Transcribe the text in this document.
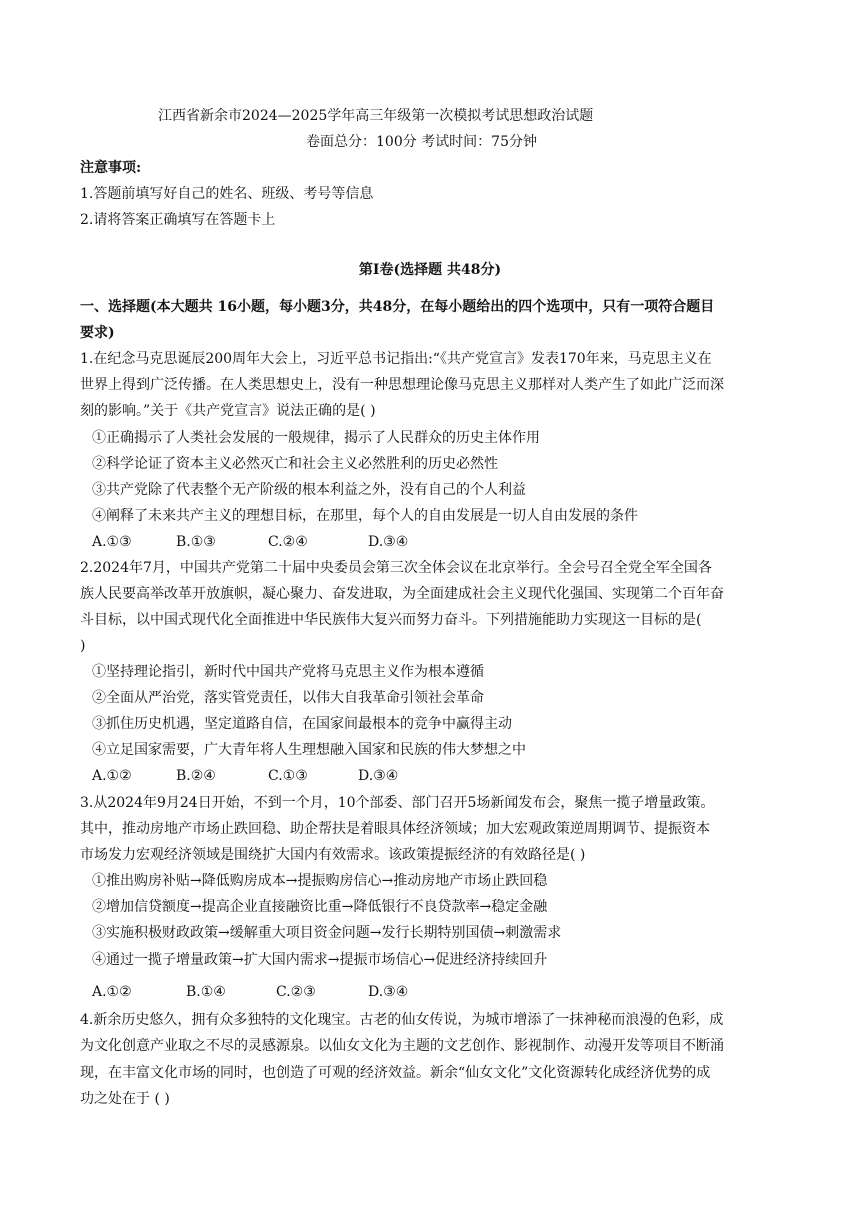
江西省新余市2024—2025学年高三年级第一次模拟考试思想政治试题
卷面总分：100分 考试时间：75分钟
注意事项:
1.答题前填写好自己的姓名、班级、考号等信息
2.请将答案正确填写在答题卡上
第Ⅰ卷(选择题 共48分)
一、选择题(本大题共 16小题，每小题3分，共48分，在每小题给出的四个选项中，只有一项符合题目
要求)
1.在纪念马克思诞辰200周年大会上，习近平总书记指出:“《共产党宣言》发表170年来，马克思主义在
世界上得到广泛传播。在人类思想史上，没有一种思想理论像马克思主义那样对人类产生了如此广泛而深
刻的影响。”关于《共产党宣言》说法正确的是( )
①正确揭示了人类社会发展的一般规律，揭示了人民群众的历史主体作用
②科学论证了资本主义必然灭亡和社会主义必然胜利的历史必然性
③共产党除了代表整个无产阶级的根本利益之外，没有自己的个人利益
④阐释了未来共产主义的理想目标，在那里，每个人的自由发展是一切人自由发展的条件
A.①③	B.①③	C.②④	D.③④
2.2024年7月，中国共产党第二十届中央委员会第三次全体会议在北京举行。全会号召全党全军全国各
族人民要高举改革开放旗帜，凝心聚力、奋发进取，为全面建成社会主义现代化强国、实现第二个百年奋
斗目标，以中国式现代化全面推进中华民族伟大复兴而努力奋斗。下列措施能助力实现这一目标的是(
)
①坚持理论指引，新时代中国共产党将马克思主义作为根本遵循
②全面从严治党，落实管党责任，以伟大自我革命引领社会革命
③抓住历史机遇，坚定道路自信，在国家间最根本的竞争中赢得主动
④立足国家需要，广大青年将人生理想融入国家和民族的伟大梦想之中
A.①②	B.②④	C.①③	D.③④
3.从2024年9月24日开始，不到一个月，10个部委、部门召开5场新闻发布会，聚焦一揽子增量政策。
其中，推动房地产市场止跌回稳、助企帮扶是着眼具体经济领域；加大宏观政策逆周期调节、提振资本
市场发力宏观经济领域是围绕扩大国内有效需求。该政策提振经济的有效路径是( )
①推出购房补贴→降低购房成本→提振购房信心→推动房地产市场止跌回稳
②增加信贷额度→提高企业直接融资比重→降低银行不良贷款率→稳定金融
③实施积极财政政策→缓解重大项目资金问题→发行长期特别国债→刺激需求
④通过一揽子增量政策→扩大国内需求→提振市场信心→促进经济持续回升
A.①②	B.①④	C.②③	D.③④
4.新余历史悠久，拥有众多独特的文化瑰宝。古老的仙女传说，为城市增添了一抹神秘而浪漫的色彩，成
为文化创意产业取之不尽的灵感源泉。以仙女文化为主题的文艺创作、影视制作、动漫开发等项目不断涌
现，在丰富文化市场的同时，也创造了可观的经济效益。新余“仙女文化”文化资源转化成经济优势的成
功之处在于 ( )
